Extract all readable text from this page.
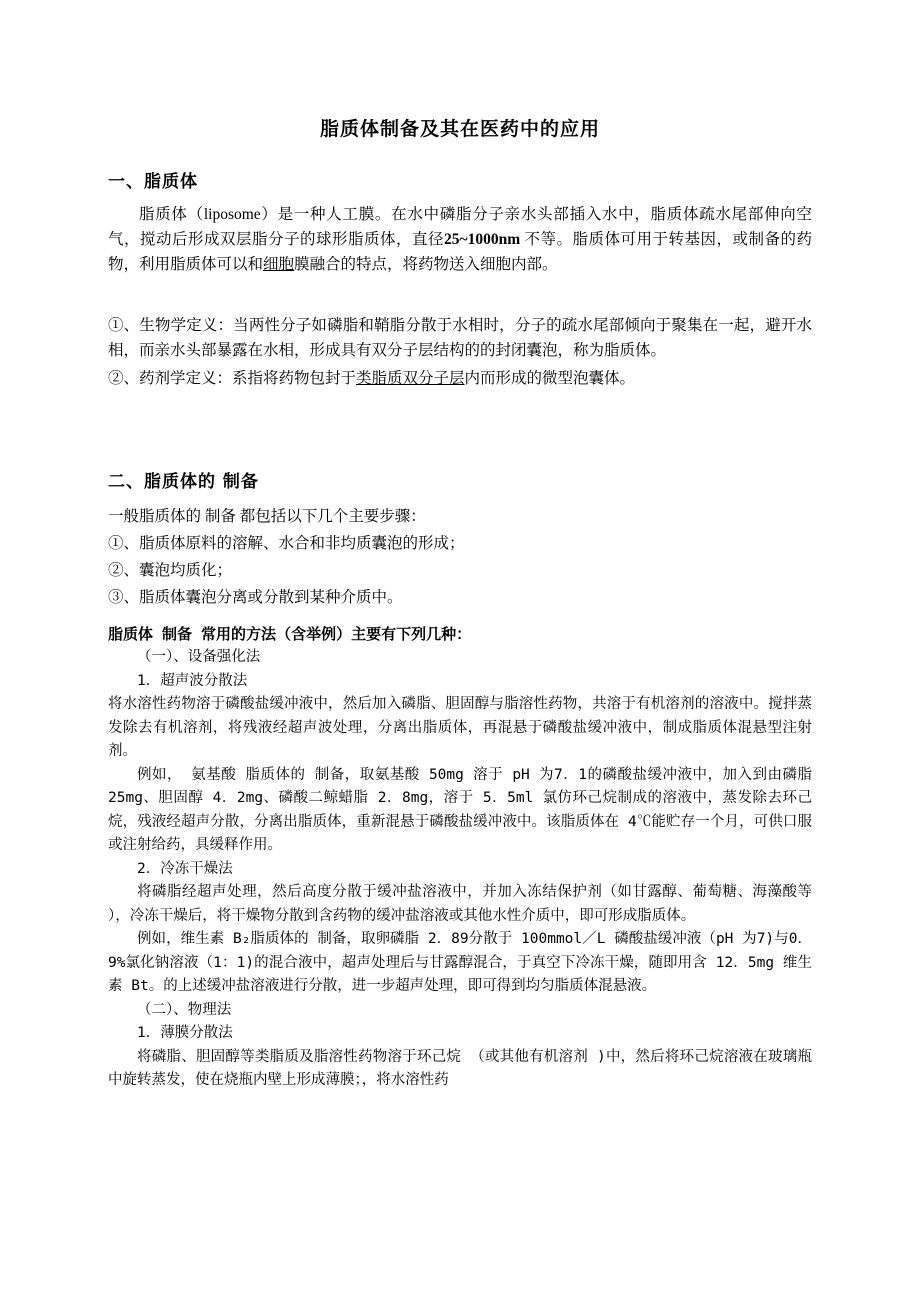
脂质体制备及其在医药中的应用
一、脂质体
脂质体（liposome）是一种人工膜。在水中磷脂分子亲水头部插入水中，脂质体疏水尾部伸向空气，搅动后形成双层脂分子的球形脂质体，直径25~1000nm 不等。脂质体可用于转基因，或制备的药物，利用脂质体可以和细胞膜融合的特点，将药物送入细胞内部。
①、生物学定义：当两性分子如磷脂和鞘脂分散于水相时，分子的疏水尾部倾向于聚集在一起，避开水相，而亲水头部暴露在水相，形成具有双分子层结构的的封闭囊泡，称为脂质体。
②、药剂学定义：系指将药物包封于类脂质双分子层内而形成的微型泡囊体。
二、脂质体的 制备
一般脂质体的 制备 都包括以下几个主要步骤：
①、脂质体原料的溶解、水合和非均质囊泡的形成；
②、囊泡均质化；
③、脂质体囊泡分离或分散到某种介质中。
脂质体 制备 常用的方法（含举例）主要有下列几种：
（一）、设备强化法
1．超声波分散法
将水溶性药物溶于磷酸盐缓冲液中，然后加入磷脂、胆固醇与脂溶性药物，共溶于有机溶剂的溶液中。搅拌蒸发除去有机溶剂，将残液经超声波处理，分离出脂质体，再混悬于磷酸盐缓冲液中，制成脂质体混悬型注射剂。
例如， 氨基酸 脂质体的 制备，取氨基酸 50mg 溶于 pH 为7．1的磷酸盐缓冲液中，加入到由磷脂 25mg、胆固醇 4．2mg、磷酸二鲸蜡脂 2．8mg，溶于 5．5ml 氯仿环己烷制成的溶液中，蒸发除去环己烷，残液经超声分散，分离出脂质体，重新混悬于磷酸盐缓冲液中。该脂质体在 4℃能贮存一个月，可供口服或注射给药，具缓释作用。
2．冷冻干燥法
将磷脂经超声处理，然后高度分散于缓冲盐溶液中，并加入冻结保护剂（如甘露醇、葡萄糖、海藻酸等 ），冷冻干燥后，将干燥物分散到含药物的缓冲盐溶液或其他水性介质中，即可形成脂质体。
例如，维生素 B₂脂质体的 制备，取卵磷脂 2．89分散于 100mmol／L 磷酸盐缓冲液（pH 为7)与0．9%氯化钠溶液（1：1)的混合液中，超声处理后与甘露醇混合，于真空下冷冻干燥，随即用含 12．5mg 维生素 Bt。的上述缓冲盐溶液进行分散，进一步超声处理，即可得到均匀脂质体混悬液。
（二）、物理法
1．薄膜分散法
将磷脂、胆固醇等类脂质及脂溶性药物溶于环己烷 （或其他有机溶剂 )中，然后将环己烷溶液在玻璃瓶中旋转蒸发，使在烧瓶内壁上形成薄膜；，将水溶性药
